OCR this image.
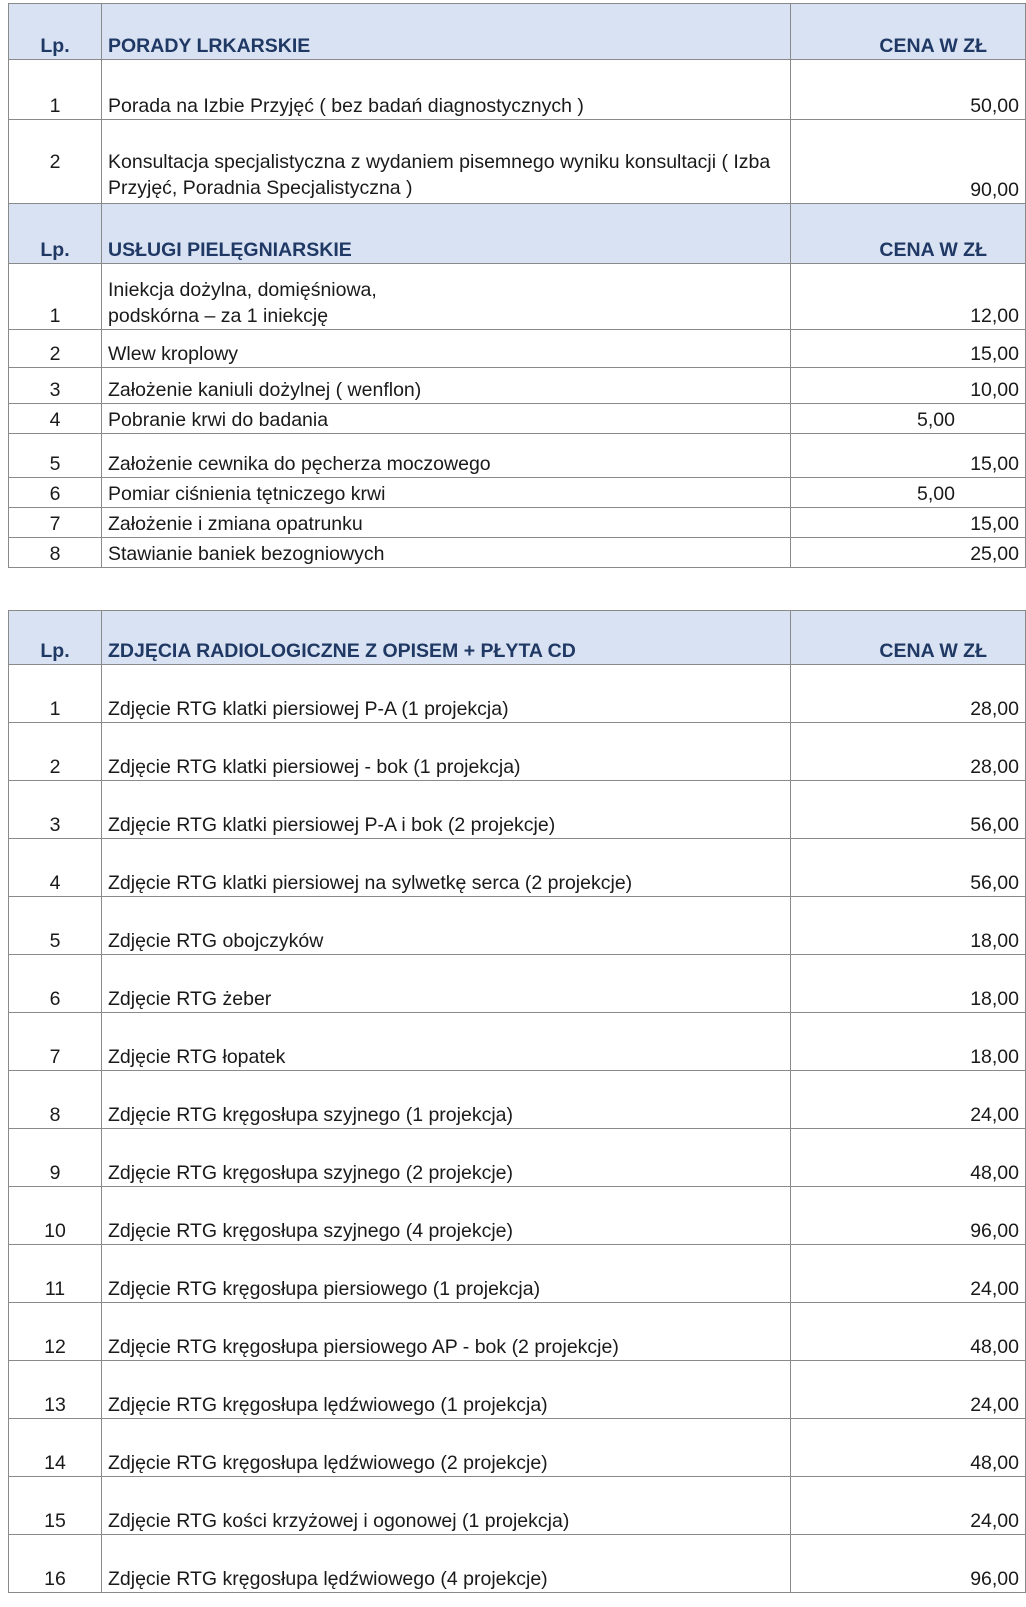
Lp.	PORADY LRKARSKIE	CENA W ZŁ
1	Porada na Izbie Przyjęć ( bez badań diagnostycznych )	50,00
2	Konsultacja specjalistyczna z wydaniem pisemnego wyniku konsultacji ( Izba Przyjęć, Poradnia Specjalistyczna )	90,00
Lp.	USŁUGI PIELĘGNIARSKIE	CENA W ZŁ
1	Iniekcja dożylna, domięśniowa, podskórna – za 1 iniekcję	12,00
2	Wlew kroplowy	15,00
3	Założenie kaniuli dożylnej ( wenflon)	10,00
4	Pobranie krwi do badania	5,00
5	Założenie cewnika do pęcherza moczowego	15,00
6	Pomiar ciśnienia tętniczego krwi	5,00
7	Założenie i zmiana opatrunku	15,00
8	Stawianie baniek bezogniowych	25,00
Lp.	ZDJĘCIA RADIOLOGICZNE Z OPISEM + PŁYTA CD	CENA W ZŁ
1	Zdjęcie RTG klatki piersiowej P-A (1 projekcja)	28,00
2	Zdjęcie RTG klatki piersiowej - bok (1 projekcja)	28,00
3	Zdjęcie RTG klatki piersiowej P-A i bok (2 projekcje)	56,00
4	Zdjęcie RTG klatki piersiowej na sylwetkę serca (2 projekcje)	56,00
5	Zdjęcie RTG obojczyków	18,00
6	Zdjęcie RTG żeber	18,00
7	Zdjęcie RTG łopatek	18,00
8	Zdjęcie RTG kręgosłupa szyjnego (1 projekcja)	24,00
9	Zdjęcie RTG kręgosłupa szyjnego (2 projekcje)	48,00
10	Zdjęcie RTG kręgosłupa szyjnego (4 projekcje)	96,00
11	Zdjęcie RTG kręgosłupa piersiowego (1 projekcja)	24,00
12	Zdjęcie RTG kręgosłupa piersiowego AP - bok (2 projekcje)	48,00
13	Zdjęcie RTG kręgosłupa lędźwiowego (1 projekcja)	24,00
14	Zdjęcie RTG kręgosłupa lędźwiowego (2 projekcje)	48,00
15	Zdjęcie RTG kości krzyżowej i ogonowej (1 projekcja)	24,00
16	Zdjęcie RTG kręgosłupa lędźwiowego (4 projekcje)	96,00
